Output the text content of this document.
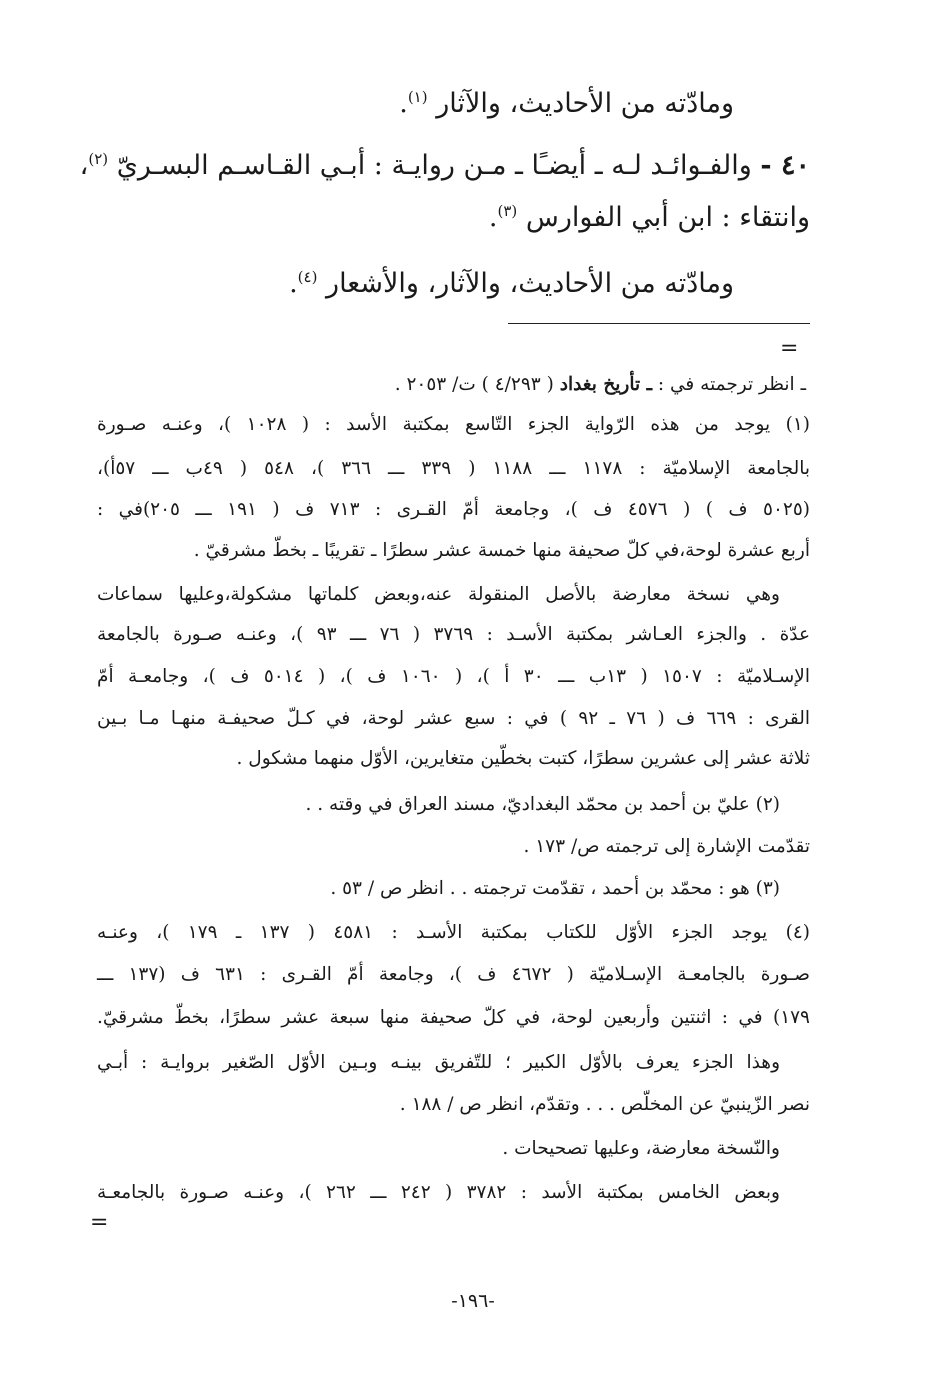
ومادّته من الأحاديث، والآثار $^{(١)}$.
٤٠ - والفـوائـد لـه ـ أيضـًا ـ مـن روايـة : أبـي القـاسـم البسـريّ $^{(٢)}$،
وانتقاء : ابن أبي الفوارس $^{(٣)}$.
ومادّته من الأحاديث، والآثار، والأشعار $^{(٤)}$.
=
ـ انظر ترجمته في : ـ تأريخ بغداد ( ٤/٢٩٣ ) ت/ ٢٠٥٣ .
(١) يوجد من هذه الرّواية الجزء التّاسع بمكتبة الأسد : ( ١٠٢٨ )، وعنـه صـورة
بالجامعة الإسلاميّة : ١١٧٨ ـــ ١١٨٨ ( ٣٣٩ ـــ ٣٦٦ )، ٥٤٨ ( ٤٩ب ـــ ٥٧أ)،
(٥٠٢٥ ف ) ( ٤٥٧٦ ف )، وجامعة أمّ القـرى : ٧١٣ ف ( ١٩١ ـــ ٢٠٥)في :
أربع عشرة لوحة،في كلّ صحيفة منها خمسة عشر سطرًا ـ تقريبًا ـ بخطّ مشرقيّ .
وهي نسخة معارضة بالأصل المنقولة عنه،وبعض كلماتها مشكولة،وعليها سماعات
عدّة . والجزء العـاشر بمكتبة الأسـد : ٣٧٦٩ ( ٧٦ ـــ ٩٣ )، وعنـه صـورة بالجامعة
الإسـلاميّة : ١٥٠٧ ( ١٣ب ـــ ٣٠ أ )، ( ١٠٦٠ ف )، ( ٥٠١٤ ف )، وجامعـة أمّ
القرى : ٦٦٩ ف ( ٧٦ ـ ٩٢ ) في : سبع عشر لوحة، في كـلّ صحيفـة منهـا مـا بـين
ثلاثة عشر إلى عشرين سطرًا، كتبت بخطّين متغايرين، الأوّل منهما مشكول .
(٢) عليّ بن أحمد بن محمّد البغداديّ، مسند العراق في وقته . .
تقدّمت الإشارة إلى ترجمته ص/ ١٧٣ .
(٣) هو : محمّد بن أحمد ، تقدّمت ترجمته . . انظر ص / ٥٣ .
(٤) يوجد الجزء الأوّل للكتاب بمكتبة الأسـد : ٤٥٨١ ( ١٣٧ ـ ١٧٩ )، وعنـه
صـورة بالجامعـة الإسـلاميّة ( ٤٦٧٢ ف )، وجامعة أمّ القـرى : ٦٣١ ف (١٣٧ ـــ
١٧٩) في : اثنتين وأربعين لوحة، في كلّ صحيفة منها سبعة عشر سطرًا، بخطّ مشرقيّ.
وهذا الجزء يعرف بالأوّل الكبير ؛ للتّفريق بينـه وبـين الأوّل الصّغير بروايـة : أبـي
نصر الزّينبيّ عن المخلّص . . . وتقدّم، انظر ص / ١٨٨ .
والنّسخة معارضة، وعليها تصحيحات .
وبعض الخامس بمكتبة الأسد : ٣٧٨٢ ( ٢٤٢ ـــ ٢٦٢ )، وعنـه صـورة بالجامعـة
=
-١٩٦-
